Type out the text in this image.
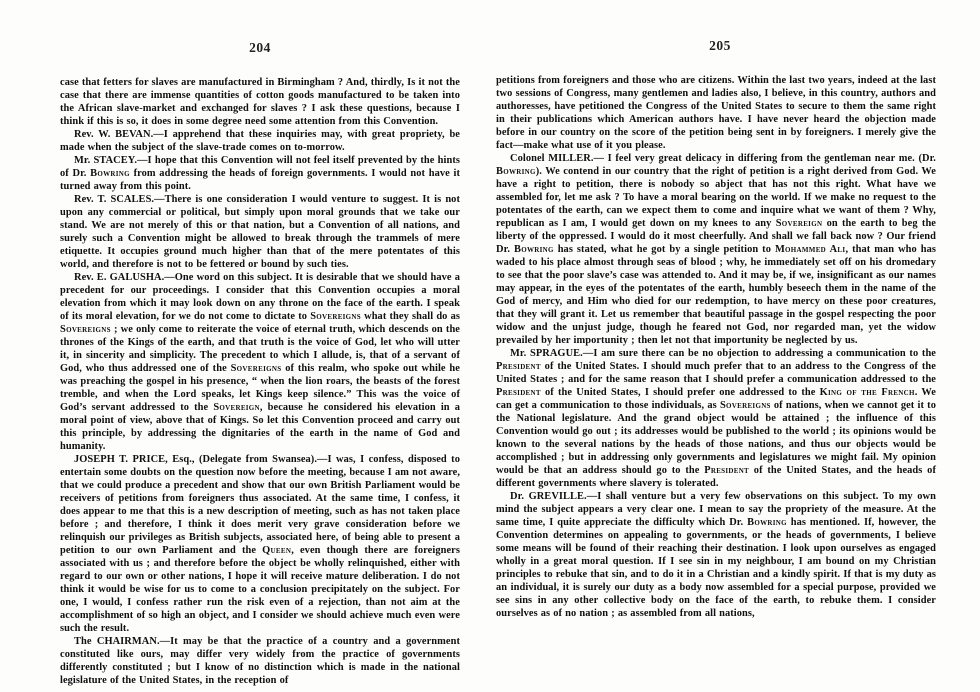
204

case that fetters for slaves are manufactured in Birmingham ? And, thirdly, Is it not the case that there are immense quantities of cotton goods manufactured to be taken into the African slave-market and exchanged for slaves ? I ask these questions, because I think if this is so, it does in some degree need some attention from this Convention.

Rev. W. BEVAN.—I apprehend that these inquiries may, with great propriety, be made when the subject of the slave-trade comes on to-morrow.

Mr. STACEY.—I hope that this Convention will not feel itself prevented by the hints of Dr. Bowring from addressing the heads of foreign governments. I would not have it turned away from this point.

Rev. T. SCALES.—There is one consideration I would venture to suggest. It is not upon any commercial or political, but simply upon moral grounds that we take our stand. We are not merely of this or that nation, but a Convention of all nations, and surely such a Convention might be allowed to break through the trammels of mere etiquette. It occupies ground much higher than that of the mere potentates of this world, and therefore is not to be fettered or bound by such ties.

Rev. E. GALUSHA.—One word on this subject. It is desirable that we should have a precedent for our proceedings. I consider that this Convention occupies a moral elevation from which it may look down on any throne on the face of the earth. I speak of its moral elevation, for we do not come to dictate to Sovereigns what they shall do as Sovereigns ; we only come to reiterate the voice of eternal truth, which descends on the thrones of the Kings of the earth, and that truth is the voice of God, let who will utter it, in sincerity and simplicity. The precedent to which I allude, is, that of a servant of God, who thus addressed one of the Sovereigns of this realm, who spoke out while he was preaching the gospel in his presence, “ when the lion roars, the beasts of the forest tremble, and when the Lord speaks, let Kings keep silence.” This was the voice of God’s servant addressed to the Sovereign, because he considered his elevation in a moral point of view, above that of Kings. So let this Convention proceed and carry out this principle, by addressing the dignitaries of the earth in the name of God and humanity.

JOSEPH T. PRICE, Esq., (Delegate from Swansea).—I was, I confess, disposed to entertain some doubts on the question now before the meeting, because I am not aware, that we could produce a precedent and show that our own British Parliament would be receivers of petitions from foreigners thus associated. At the same time, I confess, it does appear to me that this is a new description of meeting, such as has not taken place before ; and therefore, I think it does merit very grave consideration before we relinquish our privileges as British subjects, associated here, of being able to present a petition to our own Parliament and the Queen, even though there are foreigners associated with us ; and therefore before the object be wholly relinquished, either with regard to our own or other nations, I hope it will receive mature deliberation. I do not think it would be wise for us to come to a conclusion precipitately on the subject. For one, I would, I confess rather run the risk even of a rejection, than not aim at the accomplishment of so high an object, and I consider we should achieve much even were such the result.

The CHAIRMAN.—It may be that the practice of a country and a government constituted like ours, may differ very widely from the practice of governments differently constituted ; but I know of no distinction which is made in the national legislature of the United States, in the reception of

205

petitions from foreigners and those who are citizens. Within the last two years, indeed at the last two sessions of Congress, many gentlemen and ladies also, I believe, in this country, authors and authoresses, have petitioned the Congress of the United States to secure to them the same right in their publications which American authors have. I have never heard the objection made before in our country on the score of the petition being sent in by foreigners. I merely give the fact—make what use of it you please.

Colonel MILLER.— I feel very great delicacy in differing from the gentleman near me. (Dr. Bowring). We contend in our country that the right of petition is a right derived from God. We have a right to petition, there is nobody so abject that has not this right. What have we assembled for, let me ask ? To have a moral bearing on the world. If we make no request to the potentates of the earth, can we expect them to come and inquire what we want of them ? Why, republican as I am, I would get down on my knees to any Sovereign on the earth to beg the liberty of the oppressed. I would do it most cheerfully. And shall we fall back now ? Our friend Dr. Bowring has stated, what he got by a single petition to Mohammed Ali, that man who has waded to his place almost through seas of blood ; why, he immediately set off on his dromedary to see that the poor slave’s case was attended to. And it may be, if we, insignificant as our names may appear, in the eyes of the potentates of the earth, humbly beseech them in the name of the God of mercy, and Him who died for our redemption, to have mercy on these poor creatures, that they will grant it. Let us remember that beautiful passage in the gospel respecting the poor widow and the unjust judge, though he feared not God, nor regarded man, yet the widow prevailed by her importunity ; then let not that importunity be neglected by us.

Mr. SPRAGUE.—I am sure there can be no objection to addressing a communication to the President of the United States. I should much prefer that to an address to the Congress of the United States ; and for the same reason that I should prefer a communication addressed to the President of the United States, I should prefer one addressed to the King of the French. We can get a communication to those individuals, as Sovereigns of nations, when we cannot get it to the National legislature. And the grand object would be attained ; the influence of this Convention would go out ; its addresses would be published to the world ; its opinions would be known to the several nations by the heads of those nations, and thus our objects would be accomplished ; but in addressing only governments and legislatures we might fail. My opinion would be that an address should go to the President of the United States, and the heads of different governments where slavery is tolerated.

Dr. GREVILLE.—I shall venture but a very few observations on this subject. To my own mind the subject appears a very clear one. I mean to say the propriety of the measure. At the same time, I quite appreciate the difficulty which Dr. Bowring has mentioned. If, however, the Convention determines on appealing to governments, or the heads of governments, I believe some means will be found of their reaching their destination. I look upon ourselves as engaged wholly in a great moral question. If I see sin in my neighbour, I am bound on my Christian principles to rebuke that sin, and to do it in a Christian and a kindly spirit. If that is my duty as an individual, it is surely our duty as a body now assembled for a special purpose, provided we see sins in any other collective body on the face of the earth, to rebuke them. I consider ourselves as of no nation ; as assembled from all nations,
